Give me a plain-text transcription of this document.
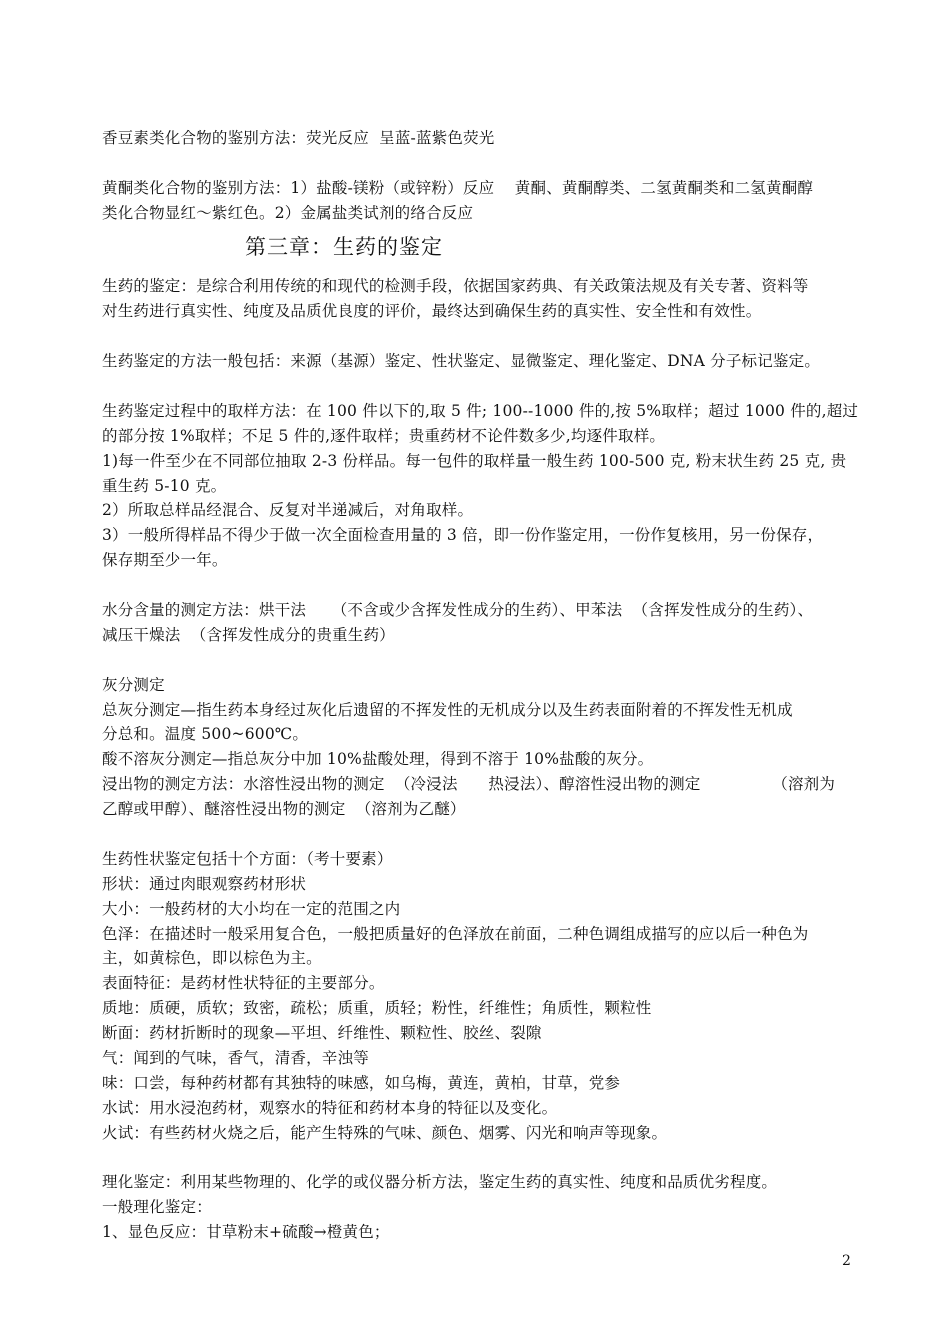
香豆素类化合物的鉴别方法：荧光反应  呈蓝-蓝紫色荧光
黄酮类化合物的鉴别方法：1）盐酸-镁粉（或锌粉）反应    黄酮、黄酮醇类、二氢黄酮类和二氢黄酮醇
类化合物显红～紫红色。2）金属盐类试剂的络合反应
第三章：生药的鉴定
生药的鉴定：是综合利用传统的和现代的检测手段，依据国家药典、有关政策法规及有关专著、资料等
对生药进行真实性、纯度及品质优良度的评价，最终达到确保生药的真实性、安全性和有效性。
生药鉴定的方法一般包括：来源（基源）鉴定、性状鉴定、显微鉴定、理化鉴定、DNA 分子标记鉴定。
生药鉴定过程中的取样方法：在 100 件以下的,取 5 件; 100--1000 件的,按 5%取样；超过 1000 件的,超过
的部分按 1%取样；不足 5 件的,逐件取样；贵重药材不论件数多少,均逐件取样。
1)每一件至少在不同部位抽取 2-3 份样品。每一包件的取样量一般生药 100-500 克, 粉末状生药 25 克, 贵
重生药 5-10 克。
2）所取总样品经混合、反复对半递减后，对角取样。
3）一般所得样品不得少于做一次全面检查用量的 3 倍，即一份作鉴定用，一份作复核用，另一份保存，
保存期至少一年。
水分含量的测定方法：烘干法     （不含或少含挥发性成分的生药）、甲苯法  （含挥发性成分的生药）、
减压干燥法  （含挥发性成分的贵重生药）
灰分测定
总灰分测定—指生药本身经过灰化后遗留的不挥发性的无机成分以及生药表面附着的不挥发性无机成
分总和。温度 500~600℃。
酸不溶灰分测定—指总灰分中加 10%盐酸处理，得到不溶于 10%盐酸的灰分。
浸出物的测定方法：水溶性浸出物的测定  （冷浸法      热浸法）、醇溶性浸出物的测定              （溶剂为
乙醇或甲醇）、醚溶性浸出物的测定  （溶剂为乙醚）
生药性状鉴定包括十个方面：（考十要素）
形状：通过肉眼观察药材形状
大小：一般药材的大小均在一定的范围之内
色泽：在描述时一般采用复合色，一般把质量好的色泽放在前面，二种色调组成描写的应以后一种色为
主，如黄棕色，即以棕色为主。
表面特征：是药材性状特征的主要部分。
质地：质硬，质软；致密，疏松；质重，质轻；粉性，纤维性；角质性，颗粒性
断面：药材折断时的现象—平坦、纤维性、颗粒性、胶丝、裂隙
气：闻到的气味，香气，清香，辛浊等
味：口尝，每种药材都有其独特的味感，如乌梅，黄连，黄柏，甘草，党参
水试：用水浸泡药材，观察水的特征和药材本身的特征以及变化。
火试：有些药材火烧之后，能产生特殊的气味、颜色、烟雾、闪光和响声等现象。
理化鉴定：利用某些物理的、化学的或仪器分析方法，鉴定生药的真实性、纯度和品质优劣程度。
一般理化鉴定：
1、显色反应：甘草粉末+硫酸→橙黄色；
2
